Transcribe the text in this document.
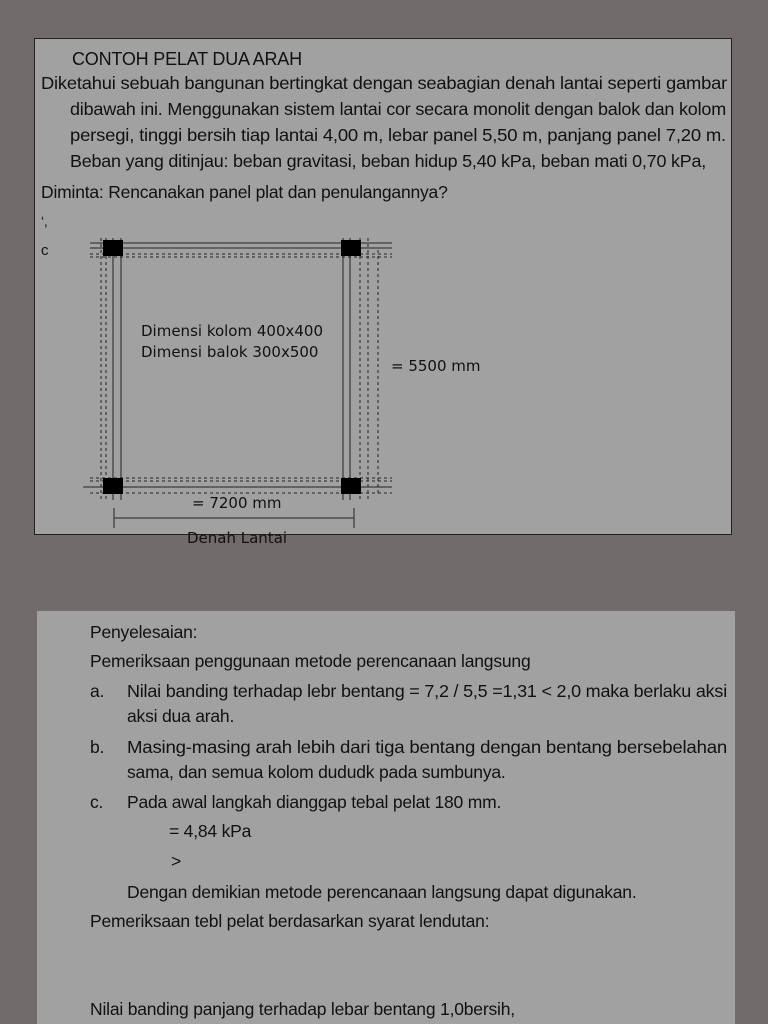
CONTOH PELAT DUA ARAH
Diketahui sebuah bangunan bertingkat dengan seabagian denah lantai seperti gambar
dibawah ini. Menggunakan sistem lantai cor secara monolit dengan balok dan kolom
persegi, tinggi bersih tiap lantai 4,00 m, lebar panel 5,50 m, panjang panel 7,20 m.
Beban yang ditinjau: beban gravitasi, beban hidup 5,40 kPa, beban mati 0,70 kPa,
Diminta: Rencanakan panel plat dan penulangannya?
‘,
c
Dimensi kolom 400x400
Dimensi balok 300x500
= 5500 mm
= 7200 mm
Denah Lantai
Penyelesaian:
Pemeriksaan penggunaan metode perencanaan langsung
a. Nilai banding terhadap lebr bentang = 7,2 / 5,5 =1,31 < 2,0 maka berlaku aksi
aksi dua arah.
b. Masing-masing arah lebih dari tiga bentang dengan bentang bersebelahan
sama, dan semua kolom dududk pada sumbunya.
c. Pada awal langkah dianggap tebal pelat 180 mm.
= 4,84 kPa
>
Dengan demikian metode perencanaan langsung dapat digunakan.
Pemeriksaan tebl pelat berdasarkan syarat lendutan:
Nilai banding panjang terhadap lebar bentang 1,0bersih,
